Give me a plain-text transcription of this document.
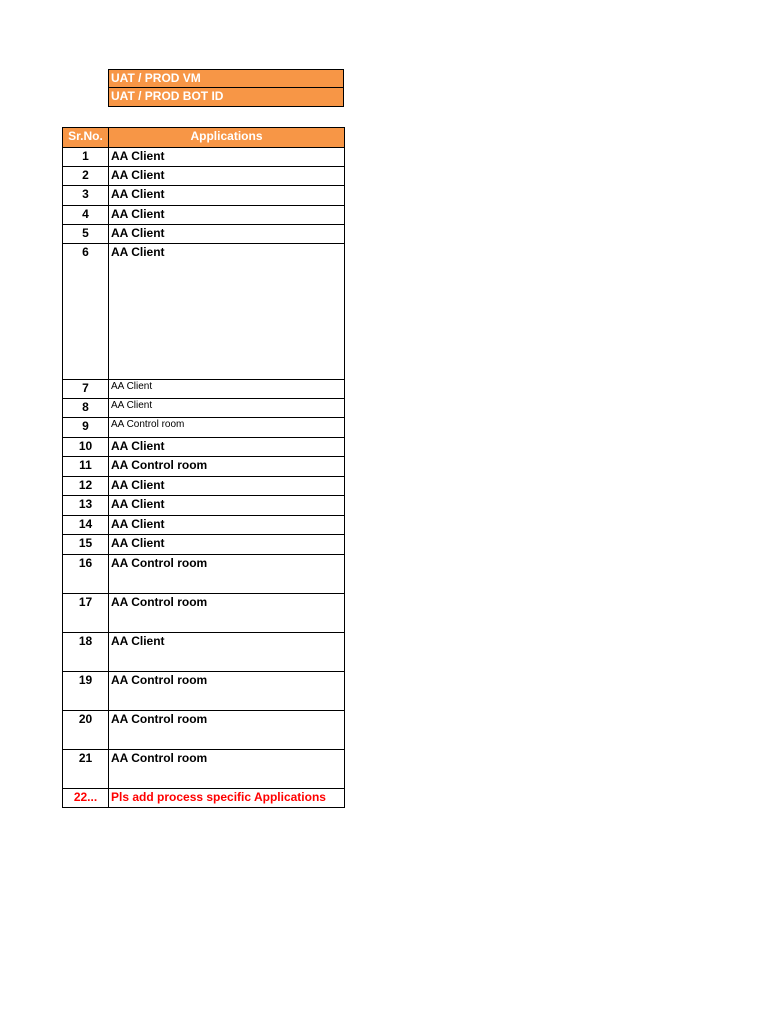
UAT / PROD VM
UAT / PROD BOT ID
Sr.No.	Applications
1	AA Client
2	AA Client
3	AA Client
4	AA Client
5	AA Client
6	AA Client
7	AA Client
8	AA Client
9	AA Control room
10	AA Client
11	AA Control room
12	AA Client
13	AA Client
14	AA Client
15	AA Client
16	AA Control room
17	AA Control room
18	AA Client
19	AA Control room
20	AA Control room
21	AA Control room
22...	Pls add process specific Applications
